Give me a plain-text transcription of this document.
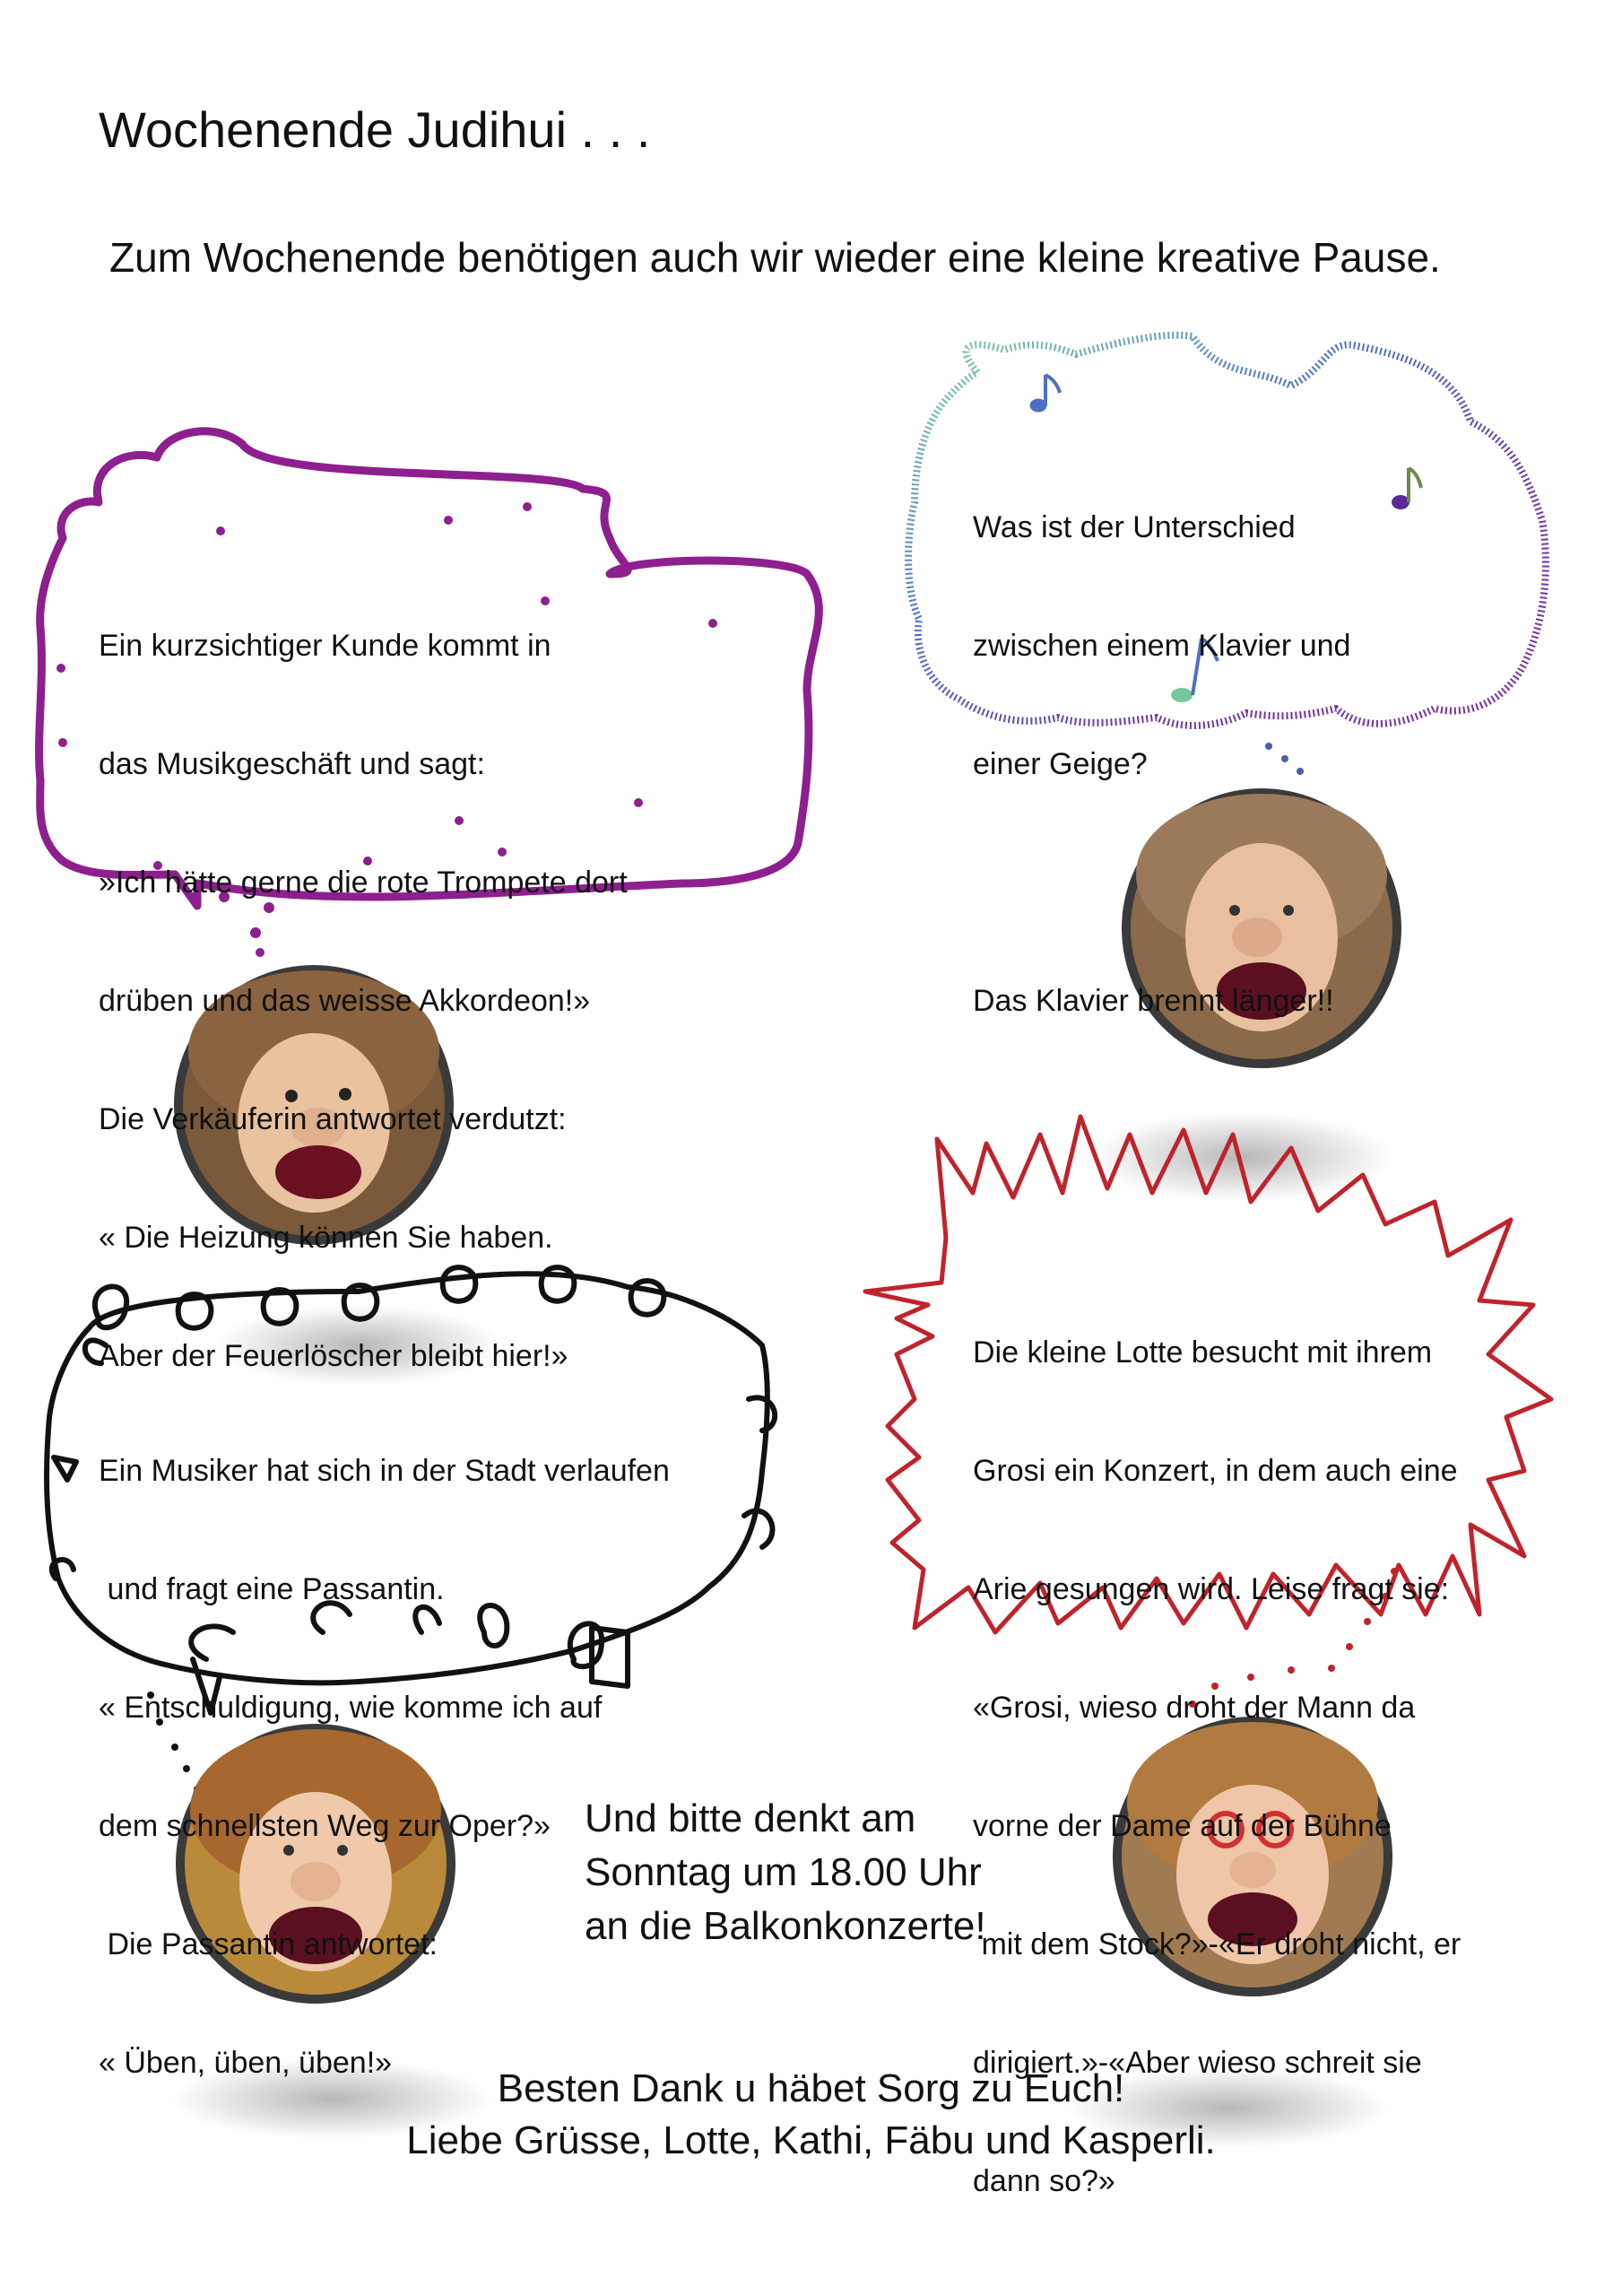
Wochenende Judihui . . .
Zum Wochenende benötigen auch wir wieder eine kleine kreative Pause.

Ein kurzsichtiger Kunde kommt in

das Musikgeschäft und sagt:

»Ich hätte gerne die rote Trompete dort

drüben und das weisse Akkordeon!»

Die Verkäuferin antwortet verdutzt:

« Die Heizung können Sie haben.

Aber der Feuerlöscher bleibt hier!»

Was ist der Unterschied

zwischen einem Klavier und

einer Geige?

Das Klavier brennt länger!!

Ein Musiker hat sich in der Stadt verlaufen

und fragt eine Passantin.

« Entschuldigung, wie komme ich auf

dem schnellsten Weg zur Oper?»

Die Passantin antwortet:

« Üben, üben, üben!»

Die kleine Lotte besucht mit ihrem

Grosi ein Konzert, in dem auch eine

Arie gesungen wird. Leise fragt sie:

«Grosi, wieso droht der Mann da

vorne der Dame auf der Bühne

mit dem Stock?»-«Er droht nicht, er

dirigiert.»-«Aber wieso schreit sie

dann so?»

Und bitte denkt am
Sonntag um 18.00 Uhr
an die Balkonkonzerte!
Besten Dank u häbet Sorg zu Euch!
Liebe Grüsse, Lotte, Kathi, Fäbu und Kasperli.
